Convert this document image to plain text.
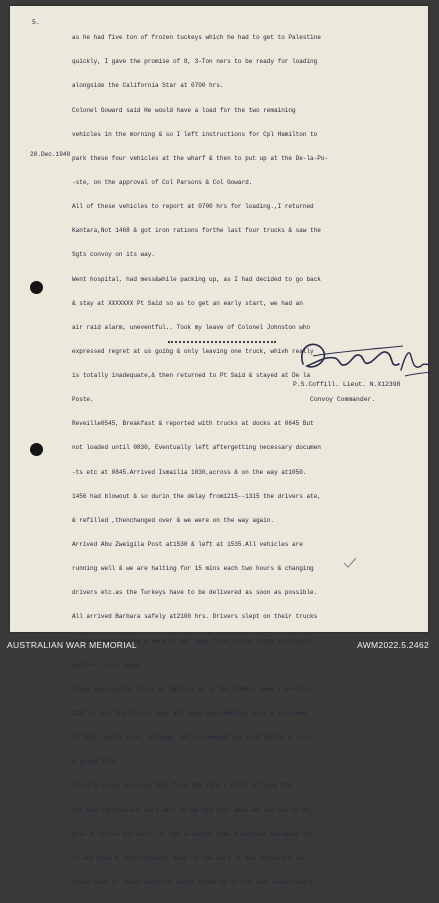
5.
20.Dec.1940

as he had five ton of frozen tuckeys which he had to get to Palestine

quickly, I gave the promise of 8, 3-Ton ners to be ready for loading

alongside the California Star at 0700 hrs.

Colonel Goward said He would have a load for the two remaining

vehicles in the morning & so I left instructions for Cpl Hamilton to

park these four vehicles at the wharf & then to put up at the De-la-Po-

-ste, on the approval of Col Parsons & Col Goward.

All of these vehicles to report at 0700 hrs for loading.,I returned

Kantara,Not 1468 & got iron rations forthe last four trucks & saw the

Sgts convoy on its way.

Went hospital, had mess&while packing up, as I had decided to go back

& stay at XXXXXXX Pt Said so as to get an early start, we had an

air raid alarm, uneventful.. Took my leave of Colonel Johnston who

expressed regret at us goibg & only leaving one truck, whivh really

is totally inadequate,& then returned to Pt Said & stayed at De la

Poste.

Reveille0545, Breakfast & reported with trucks at docks at 0645 But

not loaded until 0830, Eventually left aftergetting necessary documen

-ts etc at 0845.Arrived Ismailia 1030,across & on the way at1050.

1456 had blowout & so durin the delay from1215--1315 the drivers ate,

& refilled ,thenchanged over & we were on the way again.

Arrived Abu Zweigila Post at1530 & left at 1535.All vehicles are

running well & we are halting for 15 mins each two hours & changing

drivers etc.as the Turkeys have to be delivered as soon as possible.

All arrived Barbara safely at2100 hrs. Drivers slept on their trucks

as they were loaded & were to get away first thing inthe morning to

deliver their loads.

Since leaving the lines at Barbara on 8, Dec,1940 I have travelled

1285 miles, the trucks have all done considerably more & a resume

of their daily task, mileage, petrolconsumption is attached & also

a grand total.

Finally I can only say that from the Park's point of view the

job was carried out very well as we did just what we set out to do,

plus a little bit more, in the allotted time & without accident sto

of any kind & this reflects back on the care of the drivers & on

their care of their vehicles which stood up to the work excellently.

P.S.Coffill. Lieut. N.X12398
Convoy Commander.
AUSTRALIAN WAR MEMORIAL	AWM2022.5.2462
